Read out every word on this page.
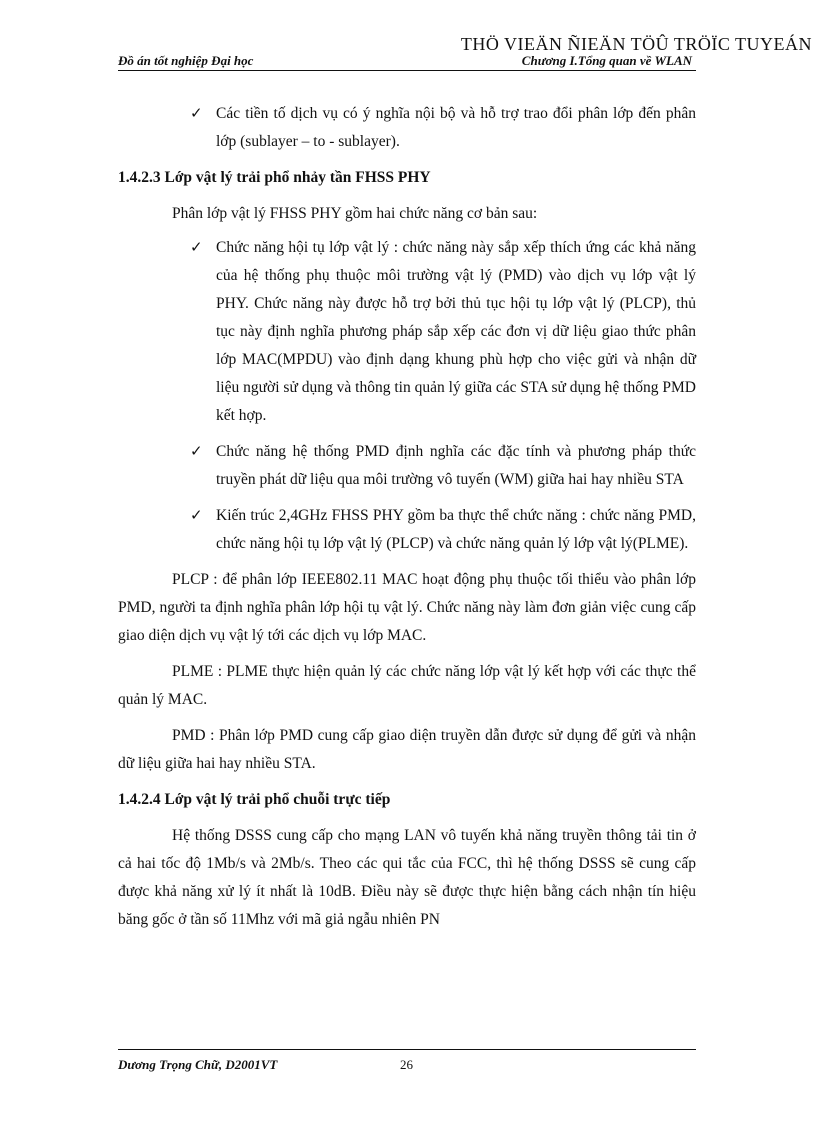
THÖ VIEÄN ÑIEÄN TÖÛ TRÖÏC TUYEÁN
Đồ án tốt nghiệp Đại học	Chương I.Tổng quan về WLAN
✓ Các tiền tố dịch vụ có ý nghĩa nội bộ và hỗ trợ trao đổi phân lớp đến phân lớp (sublayer – to - sublayer).
1.4.2.3 Lớp vật lý trải phổ nhảy tần FHSS PHY
Phân lớp vật lý FHSS PHY gồm hai chức năng cơ bản sau:
✓ Chức năng hội tụ lớp vật lý : chức năng này sắp xếp thích ứng các khả năng của hệ thống phụ thuộc môi trường vật lý (PMD) vào dịch vụ lớp vật lý PHY. Chức năng này được hỗ trợ bởi thủ tục hội tụ lớp vật lý (PLCP), thủ tục này định nghĩa phương pháp sắp xếp các đơn vị dữ liệu giao thức phân lớp MAC(MPDU) vào định dạng khung phù hợp cho việc gửi và nhận dữ liệu người sử dụng và thông tin quản lý giữa các STA sử dụng hệ thống PMD kết hợp.
✓ Chức năng hệ thống PMD định nghĩa các đặc tính và phương pháp thức truyền phát dữ liệu qua môi trường vô tuyến (WM) giữa hai hay nhiều STA
✓ Kiến trúc 2,4GHz FHSS PHY gồm ba thực thể chức năng : chức năng PMD, chức năng hội tụ lớp vật lý (PLCP) và chức năng quản lý lớp vật lý(PLME).
PLCP : để phân lớp IEEE802.11 MAC hoạt động phụ thuộc tối thiểu vào phân lớp PMD, người ta định nghĩa phân lớp hội tụ vật lý. Chức năng này làm đơn giản việc cung cấp giao diện dịch vụ vật lý tới các dịch vụ lớp MAC.
PLME : PLME thực hiện quản lý các chức năng lớp vật lý kết hợp với các thực thể quản lý MAC.
PMD : Phân lớp PMD cung cấp giao diện truyền dẫn được sử dụng để gửi và nhận dữ liệu giữa hai hay nhiều STA.
1.4.2.4 Lớp vật lý trải phổ chuỗi trực tiếp
Hệ thống DSSS cung cấp cho mạng LAN vô tuyến khả năng truyền thông tải tin ở cả hai tốc độ 1Mb/s và 2Mb/s. Theo các qui tắc của FCC, thì hệ thống DSSS sẽ cung cấp được khả năng xử lý ít nhất là 10dB. Điều này sẽ được thực hiện bằng cách nhận tín hiệu băng gốc ở tần số 11Mhz với mã giả ngẫu nhiên PN
Dương Trọng Chữ, D2001VT	26
